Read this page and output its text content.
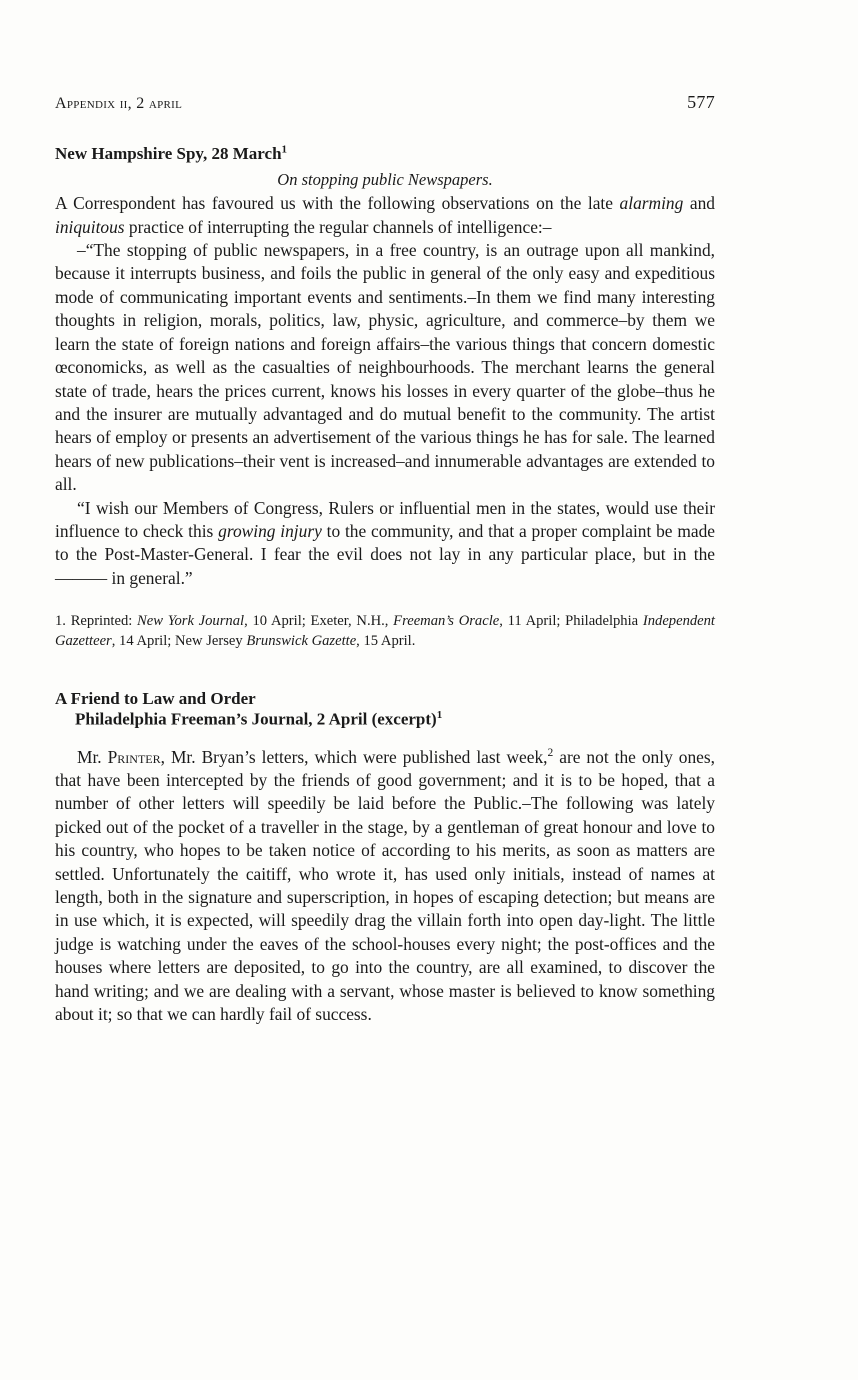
Appendix ii, 2 april	577
New Hampshire Spy, 28 March$^1$
On stopping public Newspapers.

A Correspondent has favoured us with the following observations on the late alarming and iniquitous practice of interrupting the regular channels of intelligence:–

–“The stopping of public newspapers, in a free country, is an outrage upon all mankind, because it interrupts business, and foils the public in general of the only easy and expeditious mode of communicating important events and sentiments.–In them we find many interesting thoughts in religion, morals, politics, law, physic, agriculture, and commerce–by them we learn the state of foreign nations and foreign affairs–the various things that concern domestic œconomicks, as well as the casualties of neighbourhoods. The merchant learns the general state of trade, hears the prices current, knows his losses in every quarter of the globe–thus he and the insurer are mutually advantaged and do mutual benefit to the community. The artist hears of employ or presents an advertisement of the various things he has for sale. The learned hears of new publications–their vent is increased–and innumerable advantages are extended to all.

“I wish our Members of Congress, Rulers or influential men in the states, would use their influence to check this growing injury to the community, and that a proper complaint be made to the Post-Master-General. I fear the evil does not lay in any particular place, but in the ——— in general.”

1. Reprinted: New York Journal, 10 April; Exeter, N.H., Freeman’s Oracle, 11 April; Philadelphia Independent Gazetteer, 14 April; New Jersey Brunswick Gazette, 15 April.
A Friend to Law and Order
Philadelphia Freeman’s Journal, 2 April (excerpt)$^1$

Mr. Printer, Mr. Bryan’s letters, which were published last week,$^2$ are not the only ones, that have been intercepted by the friends of good government; and it is to be hoped, that a number of other letters will speedily be laid before the Public.–The following was lately picked out of the pocket of a traveller in the stage, by a gentleman of great honour and love to his country, who hopes to be taken notice of according to his merits, as soon as matters are settled. Unfortunately the caitiff, who wrote it, has used only initials, instead of names at length, both in the signature and superscription, in hopes of escaping detection; but means are in use which, it is expected, will speedily drag the villain forth into open day-light. The little judge is watching under the eaves of the school-houses every night; the post-offices and the houses where letters are deposited, to go into the country, are all examined, to discover the hand writing; and we are dealing with a servant, whose master is believed to know something about it; so that we can hardly fail of success.
